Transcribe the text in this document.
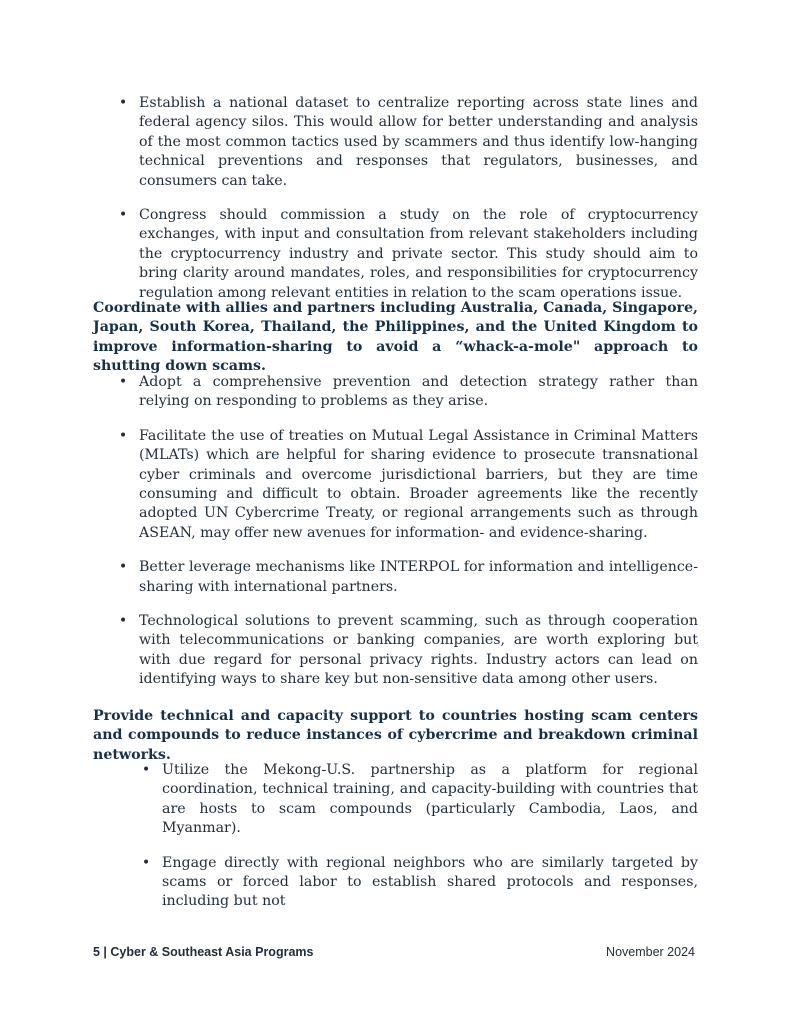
• Establish a national dataset to centralize reporting across state lines and federal agency silos. This would allow for better understanding and analysis of the most common tactics used by scammers and thus identify low-hanging technical preventions and responses that regulators, businesses, and consumers can take.
• Congress should commission a study on the role of cryptocurrency exchanges, with input and consultation from relevant stakeholders including the cryptocurrency industry and private sector. This study should aim to bring clarity around mandates, roles, and responsibilities for cryptocurrency regulation among relevant entities in relation to the scam operations issue.

Coordinate with allies and partners including Australia, Canada, Singapore, Japan, South Korea, Thailand, the Philippines, and the United Kingdom to improve information-sharing to avoid a “whack-a-mole" approach to shutting down scams.

• Adopt a comprehensive prevention and detection strategy rather than relying on responding to problems as they arise.
• Facilitate the use of treaties on Mutual Legal Assistance in Criminal Matters (MLATs) which are helpful for sharing evidence to prosecute transnational cyber criminals and overcome jurisdictional barriers, but they are time consuming and difficult to obtain. Broader agreements like the recently adopted UN Cybercrime Treaty, or regional arrangements such as through ASEAN, may offer new avenues for information- and evidence-sharing.
• Better leverage mechanisms like INTERPOL for information and intelligence-sharing with international partners.
• Technological solutions to prevent scamming, such as through cooperation with telecommunications or banking companies, are worth exploring but with due regard for personal privacy rights. Industry actors can lead on identifying ways to share key but non-sensitive data among other users.

Provide technical and capacity support to countries hosting scam centers and compounds to reduce instances of cybercrime and breakdown criminal networks.

• Utilize the Mekong-U.S. partnership as a platform for regional coordination, technical training, and capacity-building with countries that are hosts to scam compounds (particularly Cambodia, Laos, and Myanmar).
• Engage directly with regional neighbors who are similarly targeted by scams or forced labor to establish shared protocols and responses, including but not
5 | Cyber & Southeast Asia Programs	November 2024
